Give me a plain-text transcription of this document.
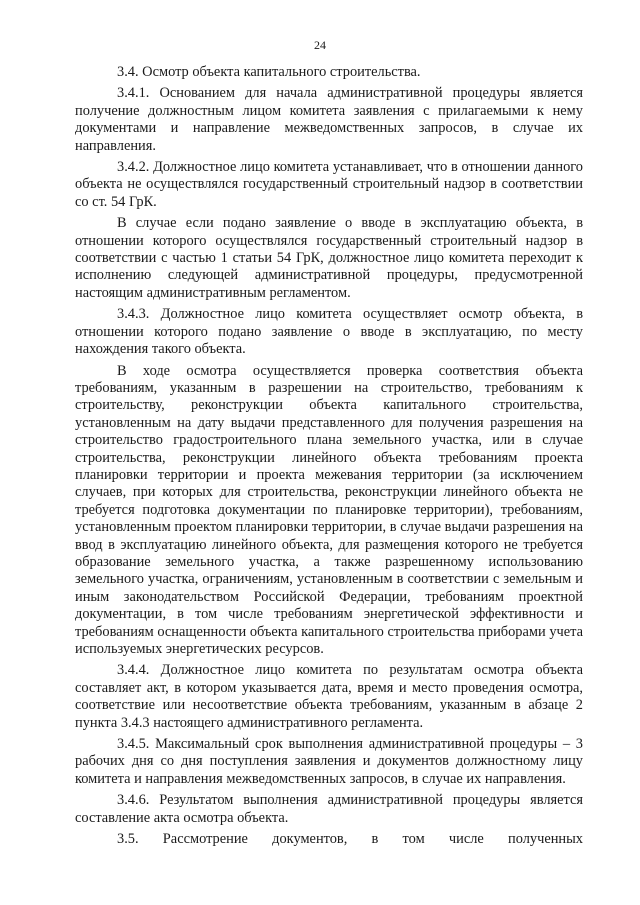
24

3.4. Осмотр объекта капитального строительства.

3.4.1. Основанием для начала административной процедуры является получение должностным лицом комитета заявления с прилагаемыми к нему документами и направление межведомственных запросов, в случае их направления.

3.4.2. Должностное лицо комитета устанавливает, что в отношении данного объекта не осуществлялся государственный строительный надзор в соответствии со ст. 54 ГрК.

В случае если подано заявление о вводе в эксплуатацию объекта, в отношении которого осуществлялся государственный строительный надзор в соответствии с частью 1 статьи 54 ГрК, должностное лицо комитета переходит к исполнению следующей административной процедуры, предусмотренной настоящим административным регламентом.

3.4.3. Должностное лицо комитета осуществляет осмотр объекта, в отношении которого подано заявление о вводе в эксплуатацию, по месту нахождения такого объекта.

В ходе осмотра осуществляется проверка соответствия объекта требованиям, указанным в разрешении на строительство, требованиям к строительству, реконструкции объекта капитального строительства, установленным на дату выдачи представленного для получения разрешения на строительство градостроительного плана земельного участка, или в случае строительства, реконструкции линейного объекта требованиям проекта планировки территории и проекта межевания территории (за исключением случаев, при которых для строительства, реконструкции линейного объекта не требуется подготовка документации по планировке территории), требованиям, установленным проектом планировки территории, в случае выдачи разрешения на ввод в эксплуатацию линейного объекта, для размещения которого не требуется образование земельного участка, а также разрешенному использованию земельного участка, ограничениям, установленным в соответствии с земельным и иным законодательством Российской Федерации, требованиям проектной документации, в том числе требованиям энергетической эффективности и требованиям оснащенности объекта капитального строительства приборами учета используемых энергетических ресурсов.

3.4.4. Должностное лицо комитета по результатам осмотра объекта составляет акт, в котором указывается дата, время и место проведения осмотра, соответствие или несоответствие объекта требованиям, указанным в абзаце 2 пункта 3.4.3 настоящего административного регламента.

3.4.5. Максимальный срок выполнения административной процедуры – 3 рабочих дня со дня поступления заявления и документов должностному лицу комитета и направления межведомственных запросов, в случае их направления.

3.4.6. Результатом выполнения административной процедуры является составление акта осмотра объекта.

3.5. Рассмотрение документов, в том числе полученных
